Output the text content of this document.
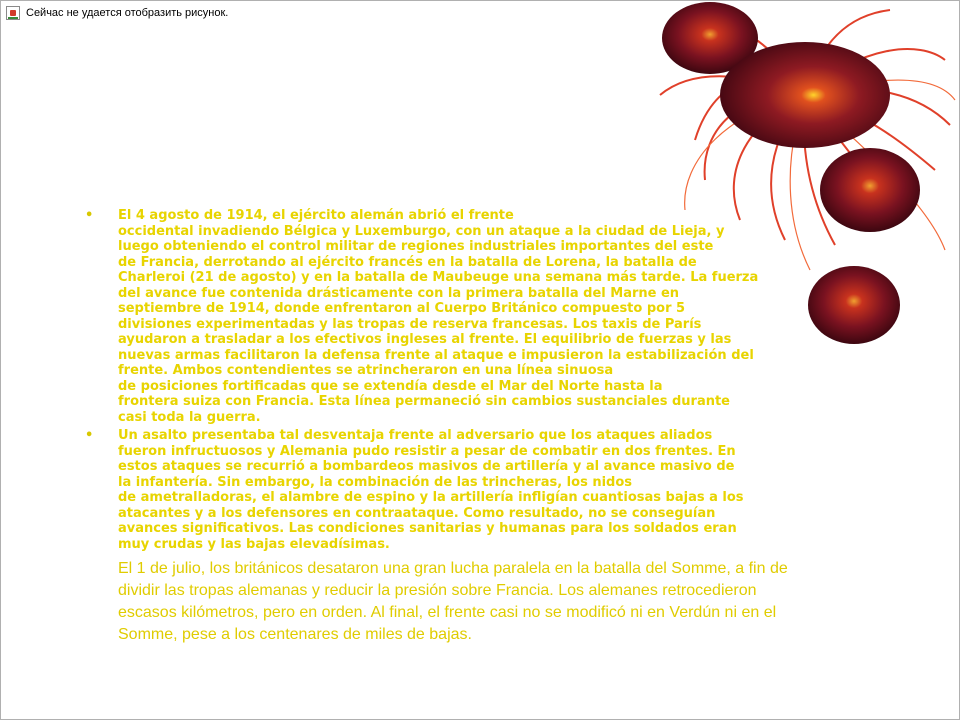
Сейчас не удается отобразить рисунок.
• El 4 agosto de 1914, el ejército alemán abrió el frente
occidental invadiendo Bélgica y Luxemburgo, con un ataque a la ciudad de Lieja, y
luego obteniendo el control militar de regiones industriales importantes del este
de Francia, derrotando al ejército francés en la batalla de Lorena, la batalla de
Charleroi (21 de agosto) y en la batalla de Maubeuge una semana más tarde. La fuerza
del avance fue contenida drásticamente con la primera batalla del Marne en
septiembre de 1914, donde enfrentaron al Cuerpo Británico compuesto por 5
divisiones experimentadas y las tropas de reserva francesas. Los taxis de París
ayudaron a trasladar a los efectivos ingleses al frente. El equilibrio de fuerzas y las
nuevas armas facilitaron la defensa frente al ataque e impusieron la estabilización del
frente. Ambos contendientes se atrincheraron en una línea sinuosa
de posiciones fortificadas que se extendía desde el Mar del Norte hasta la
frontera suiza con Francia. Esta línea permaneció sin cambios sustanciales durante
casi toda la guerra.
• Un asalto presentaba tal desventaja frente al adversario que los ataques aliados
fueron infructuosos y Alemania pudo resistir a pesar de combatir en dos frentes. En
estos ataques se recurrió a bombardeos masivos de artillería y al avance masivo de
la infantería. Sin embargo, la combinación de las trincheras, los nidos
de ametralladoras, el alambre de espino y la artillería infligían cuantiosas bajas a los
atacantes y a los defensores en contraataque. Como resultado, no se conseguían
avances significativos. Las condiciones sanitarias y humanas para los soldados eran
muy crudas y las bajas elevadísimas.
El 1 de julio, los británicos desataron una gran lucha paralela en la batalla del Somme, a fin de
dividir las tropas alemanas y reducir la presión sobre Francia. Los alemanes retrocedieron
escasos kilómetros, pero en orden. Al final, el frente casi no se modificó ni en Verdún ni en el
Somme, pese a los centenares de miles de bajas.
